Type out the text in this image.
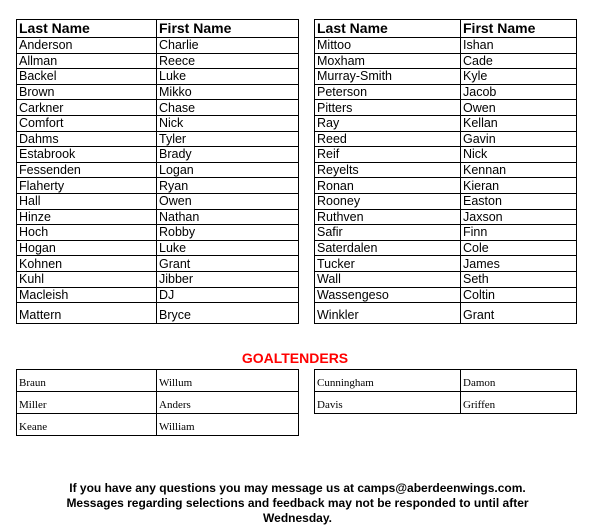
Last Name	First Name
Anderson	Charlie
Allman	Reece
Backel	Luke
Brown	Mikko
Carkner	Chase
Comfort	Nick
Dahms	Tyler
Estabrook	Brady
Fessenden	Logan
Flaherty	Ryan
Hall	Owen
Hinze	Nathan
Hoch	Robby
Hogan	Luke
Kohnen	Grant
Kuhl	Jibber
Macleish	DJ
Mattern	Bryce
Last Name	First Name
Mittoo	Ishan
Moxham	Cade
Murray-Smith	Kyle
Peterson	Jacob
Pitters	Owen
Ray	Kellan
Reed	Gavin
Reif	Nick
Reyelts	Kennan
Ronan	Kieran
Rooney	Easton
Ruthven	Jaxson
Safir	Finn
Saterdalen	Cole
Tucker	James
Wall	Seth
Wassengeso	Coltin
Winkler	Grant
GOALTENDERS
Braun	Willum
Miller	Anders
Keane	William
Cunningham	Damon
Davis	Griffen
If you have any questions you may message us at camps@aberdeenwings.com.
Messages regarding selections and feedback may not be responded to until after
Wednesday.
